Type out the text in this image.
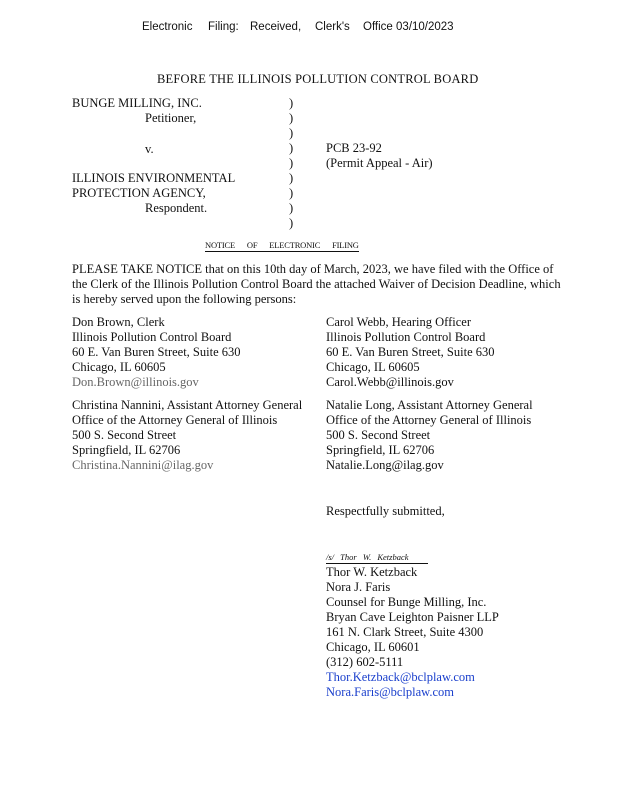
Electronic Filing: Received, Clerk's Office 03/10/2023
BEFORE THE ILLINOIS POLLUTION CONTROL BOARD
BUNGE MILLING, INC.
Petitioner,
v.
ILLINOIS ENVIRONMENTAL
PROTECTION AGENCY,
Respondent.
PCB 23-92
(Permit Appeal - Air)
)
)
)
)
)
)
)
)
)
NOTICE OF ELECTRONIC FILING
PLEASE TAKE NOTICE that on this 10th day of March, 2023, we have filed with the Office of the Clerk of the Illinois Pollution Control Board the attached Waiver of Decision Deadline, which is hereby served upon the following persons:
Don Brown, Clerk
Illinois Pollution Control Board
60 E. Van Buren Street, Suite 630
Chicago, IL 60605
Don.Brown@illinois.gov
Carol Webb, Hearing Officer
Illinois Pollution Control Board
60 E. Van Buren Street, Suite 630
Chicago, IL 60605
Carol.Webb@illinois.gov
Christina Nannini, Assistant Attorney General
Office of the Attorney General of Illinois
500 S. Second Street
Springfield, IL 62706
Christina.Nannini@ilag.gov
Natalie Long, Assistant Attorney General
Office of the Attorney General of Illinois
500 S. Second Street
Springfield, IL 62706
Natalie.Long@ilag.gov
Respectfully submitted,
/s/ Thor W. Ketzback
Thor W. Ketzback
Nora J. Faris
Counsel for Bunge Milling, Inc.
Bryan Cave Leighton Paisner LLP
161 N. Clark Street, Suite 4300
Chicago, IL 60601
(312) 602-5111
Thor.Ketzback@bclplaw.com
Nora.Faris@bclplaw.com
